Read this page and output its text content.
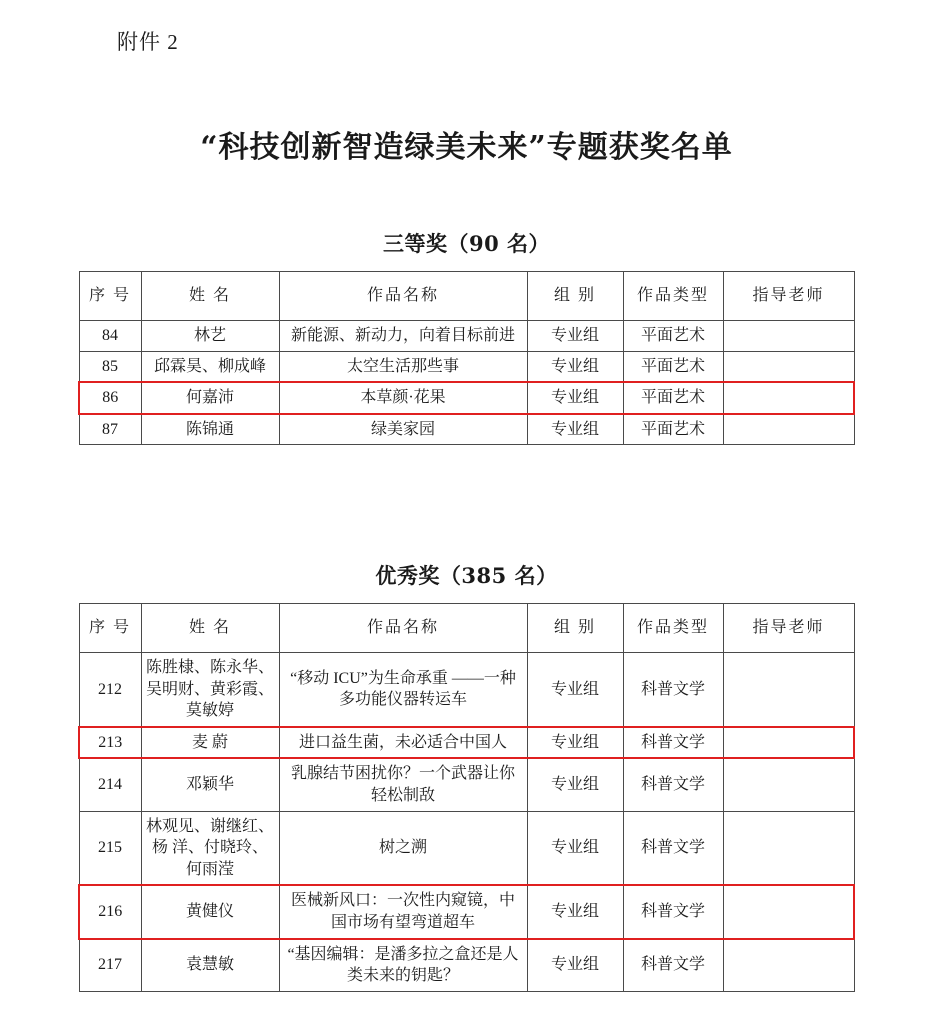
附件 2
“科技创新智造绿美未来”专题获奖名单
三等奖（90 名）
序 号	姓 名	作品名称	组 别	作品类型	指导老师
84	林艺	新能源、新动力，向着目标前进	专业组	平面艺术	
85	邱霖昊、柳成峰	太空生活那些事	专业组	平面艺术	
86	何嘉沛	本草颜·花果	专业组	平面艺术	
87	陈锦通	绿美家园	专业组	平面艺术	
优秀奖（385 名）
序 号	姓 名	作品名称	组 别	作品类型	指导老师
212	陈胜棣、陈永华、吴明财、黄彩霞、莫敏婷	“移动 ICU”为生命承重 ——一种多功能仪器转运车	专业组	科普文学	
213	麦 蔚	进口益生菌，未必适合中国人	专业组	科普文学	
214	邓颖华	乳腺结节困扰你？一个武器让你轻松制敌	专业组	科普文学	
215	林观见、谢继红、杨 洋、付晓玲、何雨滢	树之溯	专业组	科普文学	
216	黄健仪	医械新风口：一次性内窥镜，中国市场有望弯道超车	专业组	科普文学	
217	袁慧敏	“基因编辑：是潘多拉之盒还是人类未来的钥匙？	专业组	科普文学	
